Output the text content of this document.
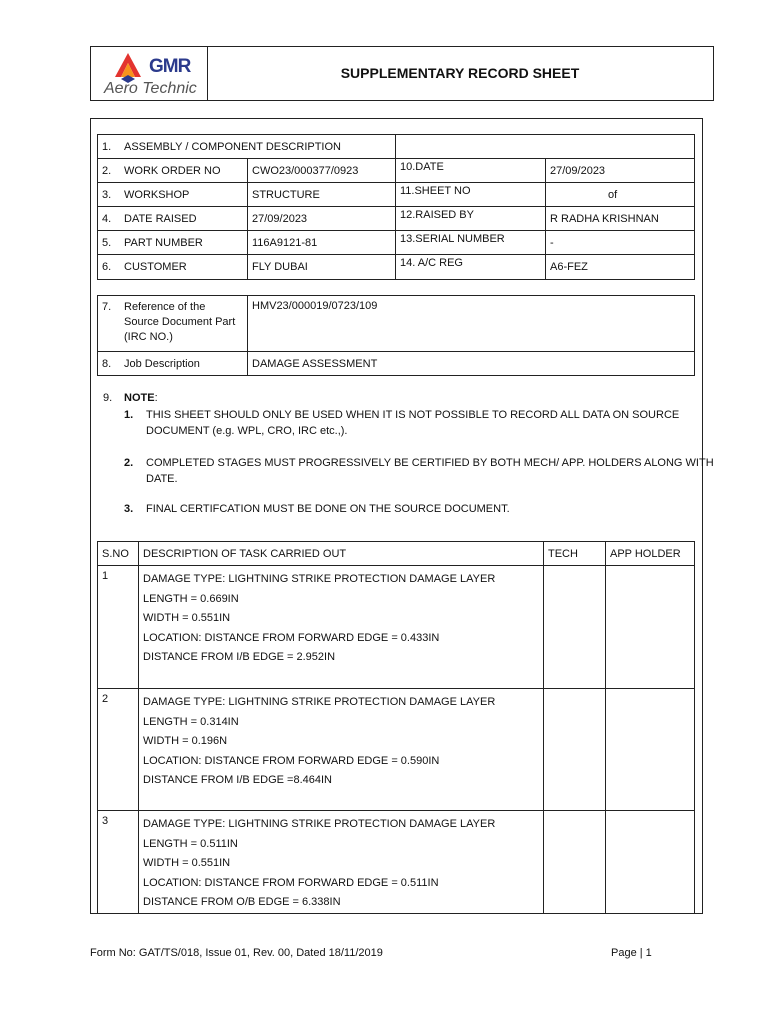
GMR
Aero Technic
SUPPLEMENTARY RECORD SHEET
1. ASSEMBLY / COMPONENT DESCRIPTION			
2. WORK ORDER NO	CWO23/000377/0923	10.DATE	27/09/2023
3. WORKSHOP	STRUCTURE	11.SHEET NO	of
4. DATE RAISED	27/09/2023	12.RAISED BY	R RADHA KRISHNAN
5. PART NUMBER	116A9121-81	13.SERIAL NUMBER	-
6. CUSTOMER	FLY DUBAI	14. A/C REG	A6-FEZ
7. Reference of the
Source Document Part
(IRC NO.)	HMV23/000019/0723/109
8. Job Description	DAMAGE ASSESSMENT
9. NOTE:
1. THIS SHEET SHOULD ONLY BE USED WHEN IT IS NOT POSSIBLE TO RECORD ALL DATA ON SOURCE
DOCUMENT (e.g. WPL, CRO, IRC etc.,).
2. COMPLETED STAGES MUST PROGRESSIVELY BE CERTIFIED BY BOTH MECH/ APP. HOLDERS ALONG WITH
DATE.
3. FINAL CERTIFCATION MUST BE DONE ON THE SOURCE DOCUMENT.
S.NO	DESCRIPTION OF TASK CARRIED OUT	TECH	APP HOLDER
1	DAMAGE TYPE: LIGHTNING STRIKE PROTECTION DAMAGE LAYER
LENGTH = 0.669IN
WIDTH = 0.551IN
LOCATION: DISTANCE FROM FORWARD EDGE = 0.433IN
DISTANCE FROM I/B EDGE = 2.952IN		

2	DAMAGE TYPE: LIGHTNING STRIKE PROTECTION DAMAGE LAYER
LENGTH = 0.314IN
WIDTH = 0.196N
LOCATION: DISTANCE FROM FORWARD EDGE = 0.590IN
DISTANCE FROM I/B EDGE =8.464IN		

3	DAMAGE TYPE: LIGHTNING STRIKE PROTECTION DAMAGE LAYER
LENGTH = 0.511IN
WIDTH = 0.551IN
LOCATION: DISTANCE FROM FORWARD EDGE = 0.511IN
DISTANCE FROM O/B EDGE = 6.338IN		

Form No: GAT/TS/018, Issue 01, Rev. 00, Dated 18/11/2019	Page | 1
